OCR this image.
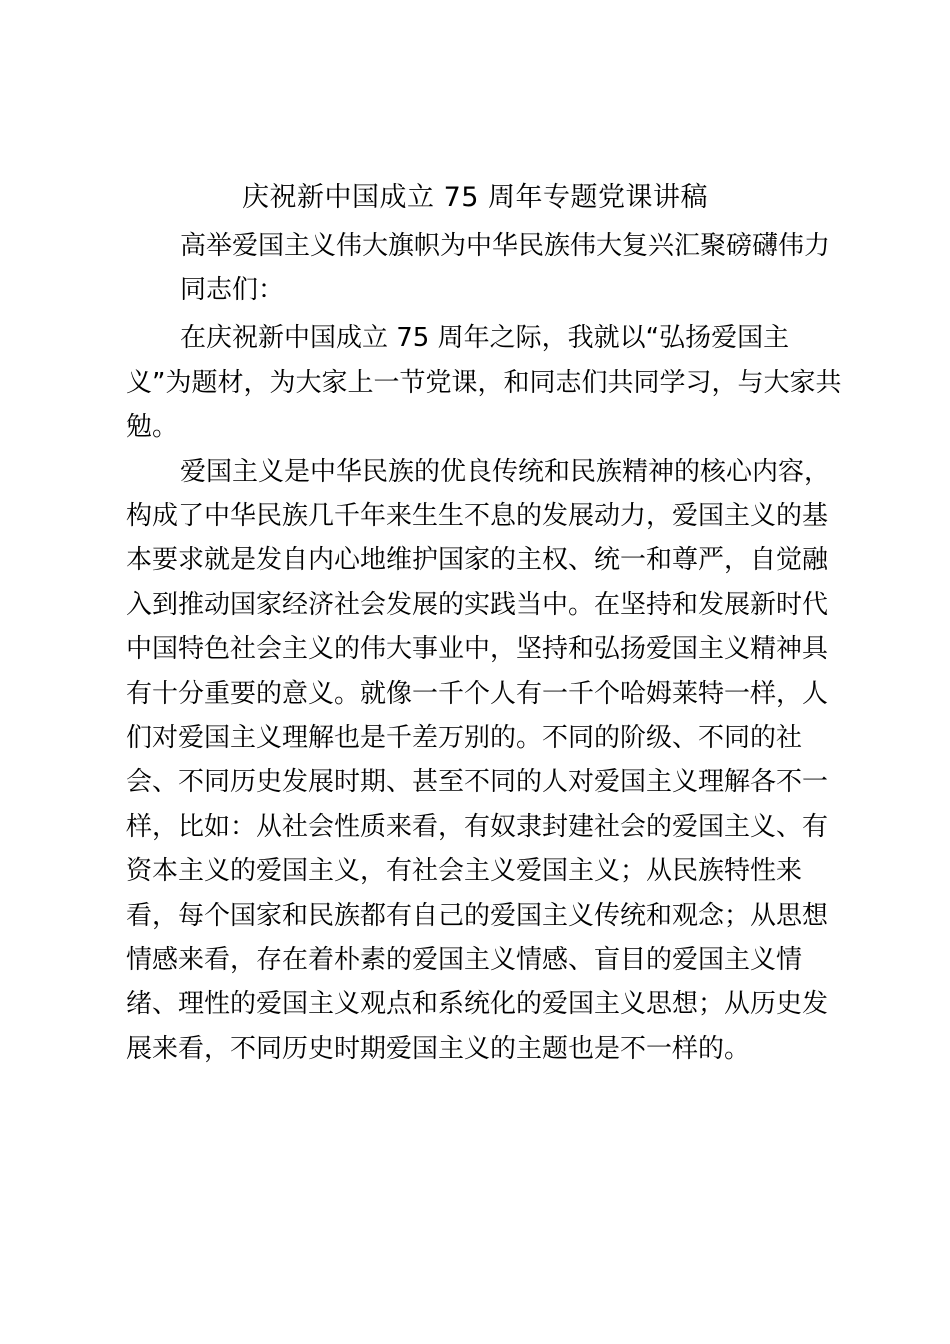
庆祝新中国成立 75 周年专题党课讲稿
高举爱国主义伟大旗帜为中华民族伟大复兴汇聚磅礴伟力
同志们：
在庆祝新中国成立 75 周年之际，我就以“弘扬爱国主
义”为题材，为大家上一节党课，和同志们共同学习，与大家共
勉。
爱国主义是中华民族的优良传统和民族精神的核心内容，
构成了中华民族几千年来生生不息的发展动力，爱国主义的基
本要求就是发自内心地维护国家的主权、统一和尊严，自觉融
入到推动国家经济社会发展的实践当中。在坚持和发展新时代
中国特色社会主义的伟大事业中，坚持和弘扬爱国主义精神具
有十分重要的意义。就像一千个人有一千个哈姆莱特一样，人
们对爱国主义理解也是千差万别的。不同的阶级、不同的社
会、不同历史发展时期、甚至不同的人对爱国主义理解各不一
样，比如：从社会性质来看，有奴隶封建社会的爱国主义、有
资本主义的爱国主义，有社会主义爱国主义；从民族特性来
看，每个国家和民族都有自己的爱国主义传统和观念；从思想
情感来看，存在着朴素的爱国主义情感、盲目的爱国主义情
绪、理性的爱国主义观点和系统化的爱国主义思想；从历史发
展来看，不同历史时期爱国主义的主题也是不一样的。
